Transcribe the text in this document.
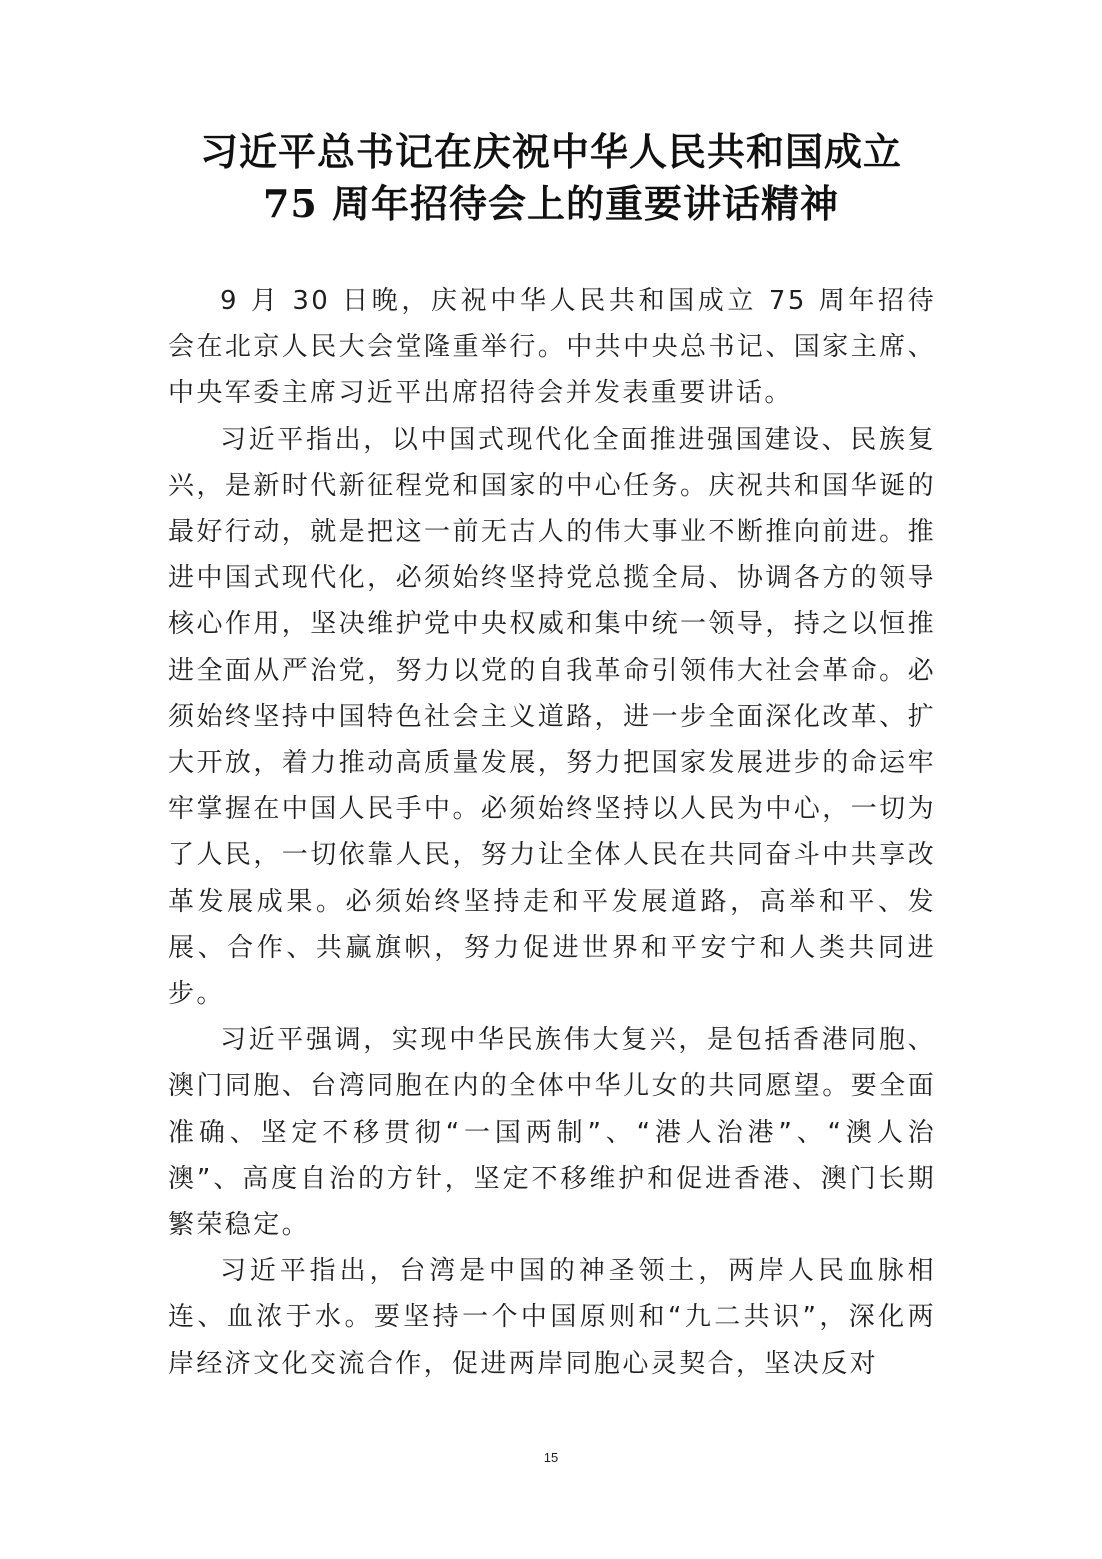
习近平总书记在庆祝中华人民共和国成立
75 周年招待会上的重要讲话精神

9 月 30 日晚，庆祝中华人民共和国成立 75 周年招待会在北京人民大会堂隆重举行。中共中央总书记、国家主席、中央军委主席习近平出席招待会并发表重要讲话。

习近平指出，以中国式现代化全面推进强国建设、民族复兴，是新时代新征程党和国家的中心任务。庆祝共和国华诞的最好行动，就是把这一前无古人的伟大事业不断推向前进。推进中国式现代化，必须始终坚持党总揽全局、协调各方的领导核心作用，坚决维护党中央权威和集中统一领导，持之以恒推进全面从严治党，努力以党的自我革命引领伟大社会革命。必须始终坚持中国特色社会主义道路，进一步全面深化改革、扩大开放，着力推动高质量发展，努力把国家发展进步的命运牢牢掌握在中国人民手中。必须始终坚持以人民为中心，一切为了人民，一切依靠人民，努力让全体人民在共同奋斗中共享改革发展成果。必须始终坚持走和平发展道路，高举和平、发展、合作、共赢旗帜，努力促进世界和平安宁和人类共同进步。

习近平强调，实现中华民族伟大复兴，是包括香港同胞、澳门同胞、台湾同胞在内的全体中华儿女的共同愿望。要全面准确、坚定不移贯彻“一国两制”、“港人治港”、“澳人治澳”、高度自治的方针，坚定不移维护和促进香港、澳门长期繁荣稳定。

习近平指出，台湾是中国的神圣领土，两岸人民血脉相连、血浓于水。要坚持一个中国原则和“九二共识”，深化两岸经济文化交流合作，促进两岸同胞心灵契合，坚决反对

15
